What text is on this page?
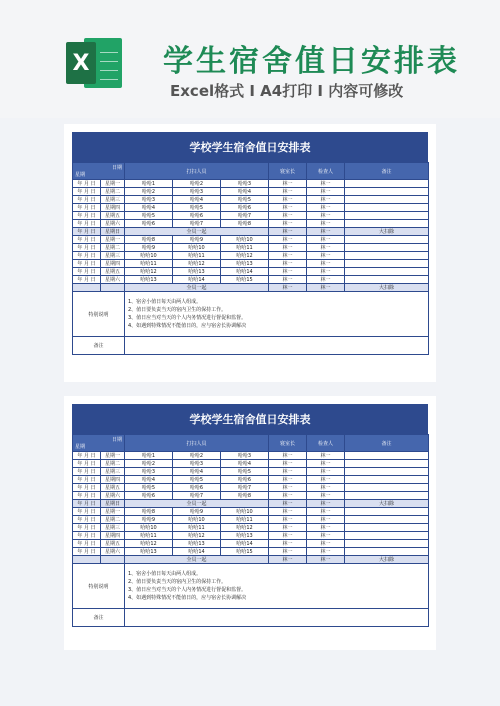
X 学生宿舍值日安排表
Excel格式 I A4打印 I 内容可修改
学校学生宿舍值日安排表
日期
星期		打扫人员			寝室长	检查人	备注
年 月 日	星期一	哈哈1	哈哈2	哈哈3	林一	林一	
年 月 日	星期二	哈哈2	哈哈3	哈哈4	林一	林一	
年 月 日	星期三	哈哈3	哈哈4	哈哈5	林一	林一	
年 月 日	星期四	哈哈4	哈哈5	哈哈6	林一	林一	
年 月 日	星期五	哈哈5	哈哈6	哈哈7	林一	林一	
年 月 日	星期六	哈哈6	哈哈7	哈哈8	林一	林一	
年 月 日	星期日	全员一起			林一	林一	大扫除
年 月 日	星期一	哈哈8	哈哈9	哈哈10	林一	林一	
年 月 日	星期二	哈哈9	哈哈10	哈哈11	林一	林一	
年 月 日	星期三	哈哈10	哈哈11	哈哈12	林一	林一	
年 月 日	星期四	哈哈11	哈哈12	哈哈13	林一	林一	
年 月 日	星期五	哈哈12	哈哈13	哈哈14	林一	林一	
年 月 日	星期六	哈哈13	哈哈14	哈哈15	林一	林一	
		全员一起			林一	林一	大扫除
特别说明		1、宿舍小值日每天由两人组成。
2、值日要负责当天的宿内卫生的保持工作。
3、值日应当对当天的个人内务情况进行督促和监督。
4、如遇到特殊情况不能值日的，应与宿舍长协调解决					

备注							
学校学生宿舍值日安排表
日期
星期		打扫人员			寝室长	检查人	备注
年 月 日	星期一	哈哈1	哈哈2	哈哈3	林一	林一	
年 月 日	星期二	哈哈2	哈哈3	哈哈4	林一	林一	
年 月 日	星期三	哈哈3	哈哈4	哈哈5	林一	林一	
年 月 日	星期四	哈哈4	哈哈5	哈哈6	林一	林一	
年 月 日	星期五	哈哈5	哈哈6	哈哈7	林一	林一	
年 月 日	星期六	哈哈6	哈哈7	哈哈8	林一	林一	
年 月 日	星期日	全员一起			林一	林一	大扫除
年 月 日	星期一	哈哈8	哈哈9	哈哈10	林一	林一	
年 月 日	星期二	哈哈9	哈哈10	哈哈11	林一	林一	
年 月 日	星期三	哈哈10	哈哈11	哈哈12	林一	林一	
年 月 日	星期四	哈哈11	哈哈12	哈哈13	林一	林一	
年 月 日	星期五	哈哈12	哈哈13	哈哈14	林一	林一	
年 月 日	星期六	哈哈13	哈哈14	哈哈15	林一	林一	
		全员一起			林一	林一	大扫除
特别说明		1、宿舍小值日每天由两人组成。
2、值日要负责当天的宿内卫生的保持工作。
3、值日应当对当天的个人内务情况进行督促和监督。
4、如遇到特殊情况不能值日的，应与宿舍长协调解决					

备注							
